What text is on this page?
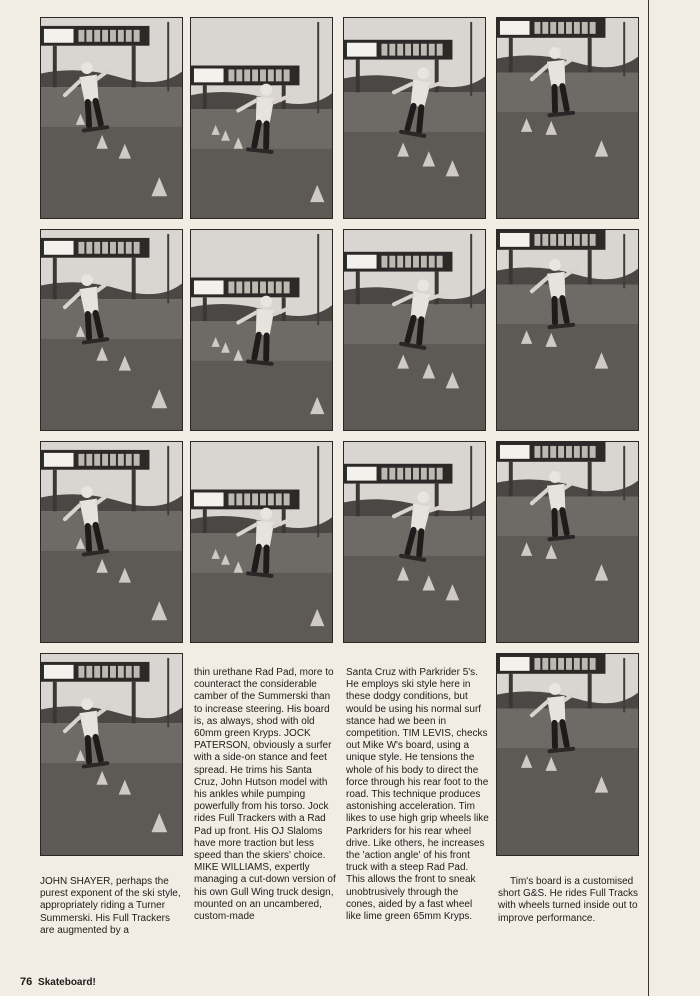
JOHN SHAYER, perhaps the purest exponent of the ski style, appropriately riding a Turner Summerski. His Full Trackers are augmented by a

thin urethane Rad Pad, more to counteract the considerable camber of the Summerski than to increase steering. His board is, as always, shod with old 60mm green Kryps. JOCK PATERSON, obviously a surfer with a side-on stance and feet spread. He trims his Santa Cruz, John Hutson model with his ankles while pumping powerfully from his torso. Jock rides Full Trackers with a Rad Pad up front. His OJ Slaloms have more traction but less speed than the skiers' choice. MIKE WILLIAMS, expertly managing a cut-down version of his own Gull Wing truck design, mounted on an uncambered, custom-made

Santa Cruz with Parkrider 5's. He employs ski style here in these dodgy conditions, but would be using his normal surf stance had we been in competition. TIM LEVIS, checks out Mike W's board, using a unique style. He tensions the whole of his body to direct the force through his rear foot to the road. This technique produces astonishing acceleration. Tim likes to use high grip wheels like Parkriders for his rear wheel drive. Like others, he increases the 'action angle' of his front truck with a steep Rad Pad. This allows the front to sneak unobtrusively through the cones, aided by a fast wheel like lime green 65mm Kryps.

Tim's board is a customised short G&S. He rides Full Tracks with wheels turned inside out to improve performance.

76 Skateboard!
